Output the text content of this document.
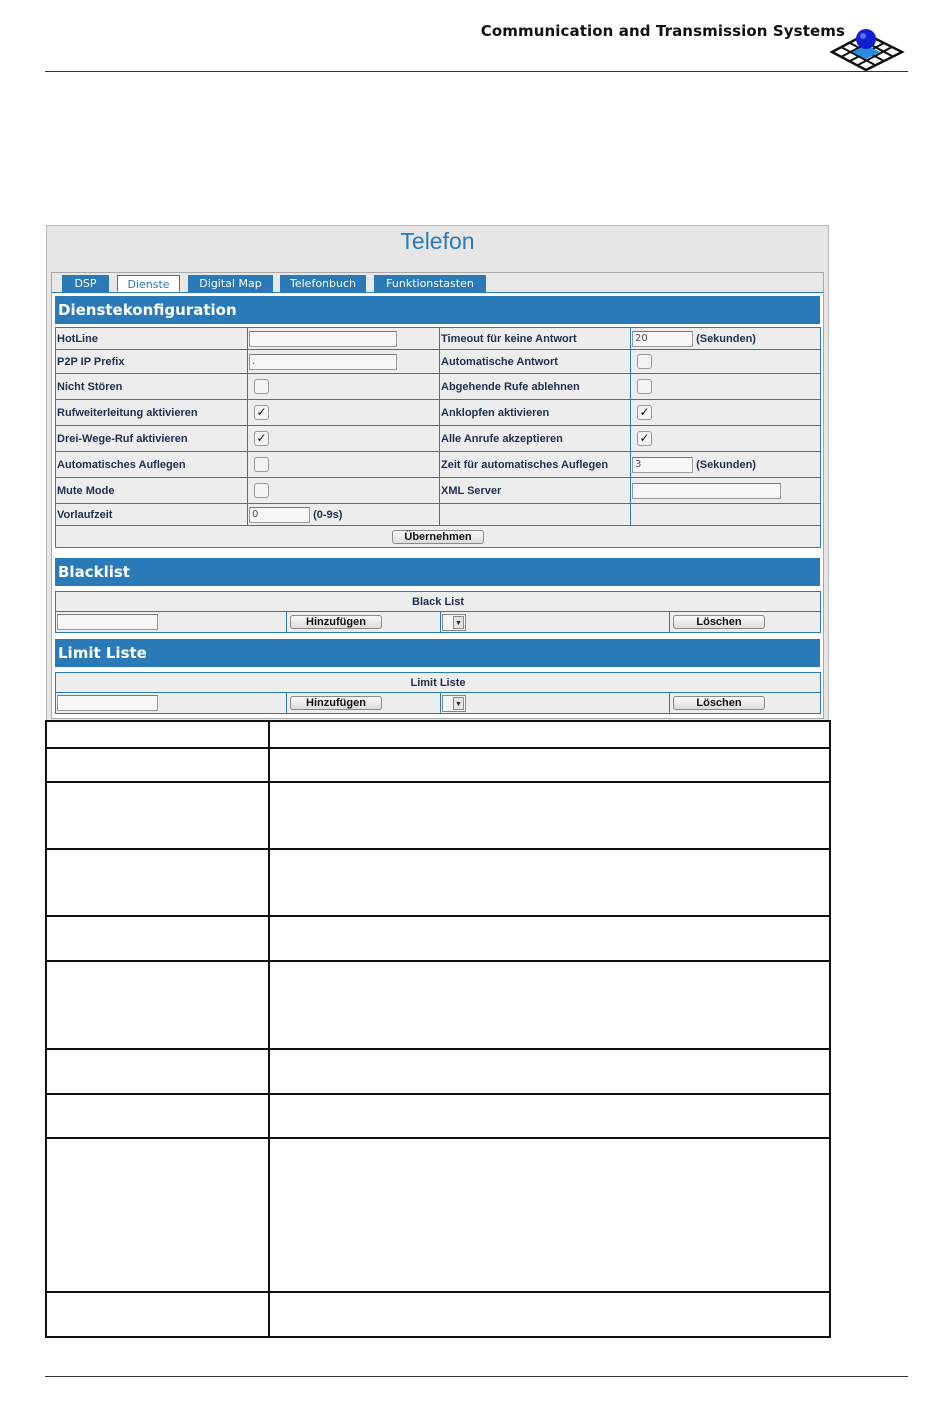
Communication and Transmission Systems
Telefon
DSP	Dienste	Digital Map	Telefonbuch	Funktionstasten
Dienstekonfiguration
HotLine		Timeout für keine Antwort	20 (Sekunden)
P2P IP Prefix	.	Automatische Antwort	
Nicht Stören		Abgehende Rufe ablehnen	
Rufweiterleitung aktivieren	✓	Anklopfen aktivieren	✓
Drei-Wege-Ruf aktivieren	✓	Alle Anrufe akzeptieren	✓
Automatisches Auflegen		Zeit für automatisches Auflegen	3 (Sekunden)
Mute Mode		XML Server	
Vorlaufzeit	0 (0-9s)		
Übernehmen			
Blacklist
Black List
	Hinzufügen	▼	Löschen
Limit Liste
Limit Liste
	Hinzufügen	▼	Löschen
